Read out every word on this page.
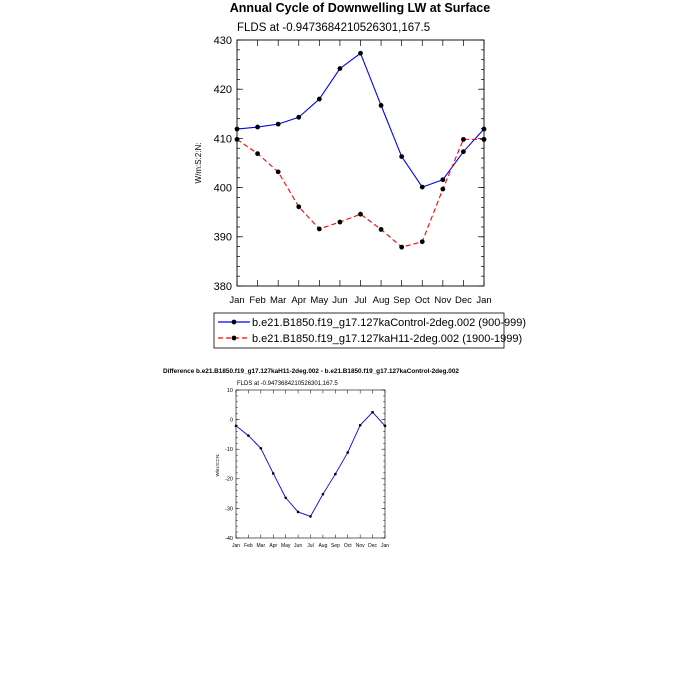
Annual Cycle of Downwelling LW at Surface
FLDS at -0.9473684210526301,167.5
W/m:S:2:N:
380
390
400
410
420
430
Jan Feb Mar Apr May Jun Jul Aug Sep Oct Nov Dec Jan
b.e21.B1850.f19_g17.127kaControl-2deg.002 (900-999)
b.e21.B1850.f19_g17.127kaH11-2deg.002 (1900-1999)
Difference b.e21.B1850.f19_g17.127kaH11-2deg.002 - b.e21.B1850.f19_g17.127kaControl-2deg.002
FLDS at -0.9473684210526301,167.5
W/m:S:2:N:
-40
-30
-20
-10
0
10
Jan Feb Mar Apr May Jun Jul Aug Sep Oct Nov Dec Jan
